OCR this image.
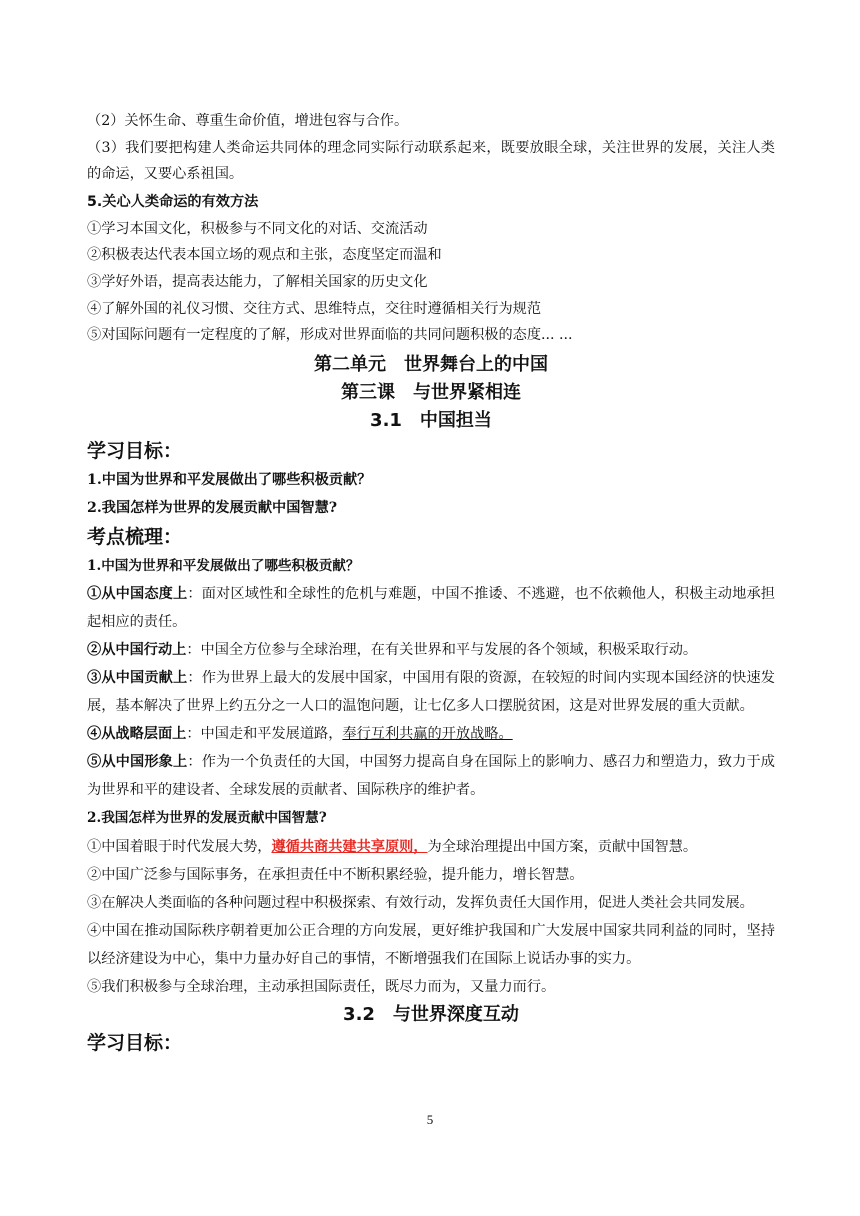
（2）关怀生命、尊重生命价值，增进包容与合作。

（3）我们要把构建人类命运共同体的理念同实际行动联系起来，既要放眼全球，关注世界的发展，关注人类的命运，又要心系祖国。

5.关心人类命运的有效方法

①学习本国文化，积极参与不同文化的对话、交流活动

②积极表达代表本国立场的观点和主张，态度坚定而温和

③学好外语，提高表达能力，了解相关国家的历史文化

④了解外国的礼仪习惯、交往方式、思维特点，交往时遵循相关行为规范

⑤对国际问题有一定程度的了解，形成对世界面临的共同问题积极的态度... ...

第二单元　世界舞台上的中国

第三课　与世界紧相连

3.1　中国担当

学习目标：

1.中国为世界和平发展做出了哪些积极贡献？

2.我国怎样为世界的发展贡献中国智慧?

考点梳理：

1.中国为世界和平发展做出了哪些积极贡献？

①从中国态度上：面对区域性和全球性的危机与难题，中国不推诿、不逃避，也不依赖他人，积极主动地承担起相应的责任。

②从中国行动上：中国全方位参与全球治理，在有关世界和平与发展的各个领域，积极采取行动。

③从中国贡献上：作为世界上最大的发展中国家，中国用有限的资源，在较短的时间内实现本国经济的快速发展，基本解决了世界上约五分之一人口的温饱问题，让七亿多人口摆脱贫困，这是对世界发展的重大贡献。

④从战略层面上：中国走和平发展道路，奉行互利共赢的开放战略。

⑤从中国形象上：作为一个负责任的大国，中国努力提高自身在国际上的影响力、感召力和塑造力，致力于成为世界和平的建设者、全球发展的贡献者、国际秩序的维护者。

2.我国怎样为世界的发展贡献中国智慧?

①中国着眼于时代发展大势，遵循共商共建共享原则，为全球治理提出中国方案，贡献中国智慧。

②中国广泛参与国际事务，在承担责任中不断积累经验，提升能力，增长智慧。

③在解决人类面临的各种问题过程中积极探索、有效行动，发挥负责任大国作用，促进人类社会共同发展。

④中国在推动国际秩序朝着更加公正合理的方向发展，更好维护我国和广大发展中国家共同利益的同时，坚持以经济建设为中心，集中力量办好自己的事情，不断增强我们在国际上说话办事的实力。

⑤我们积极参与全球治理，主动承担国际责任，既尽力而为，又量力而行。

3.2　与世界深度互动

学习目标：

5
